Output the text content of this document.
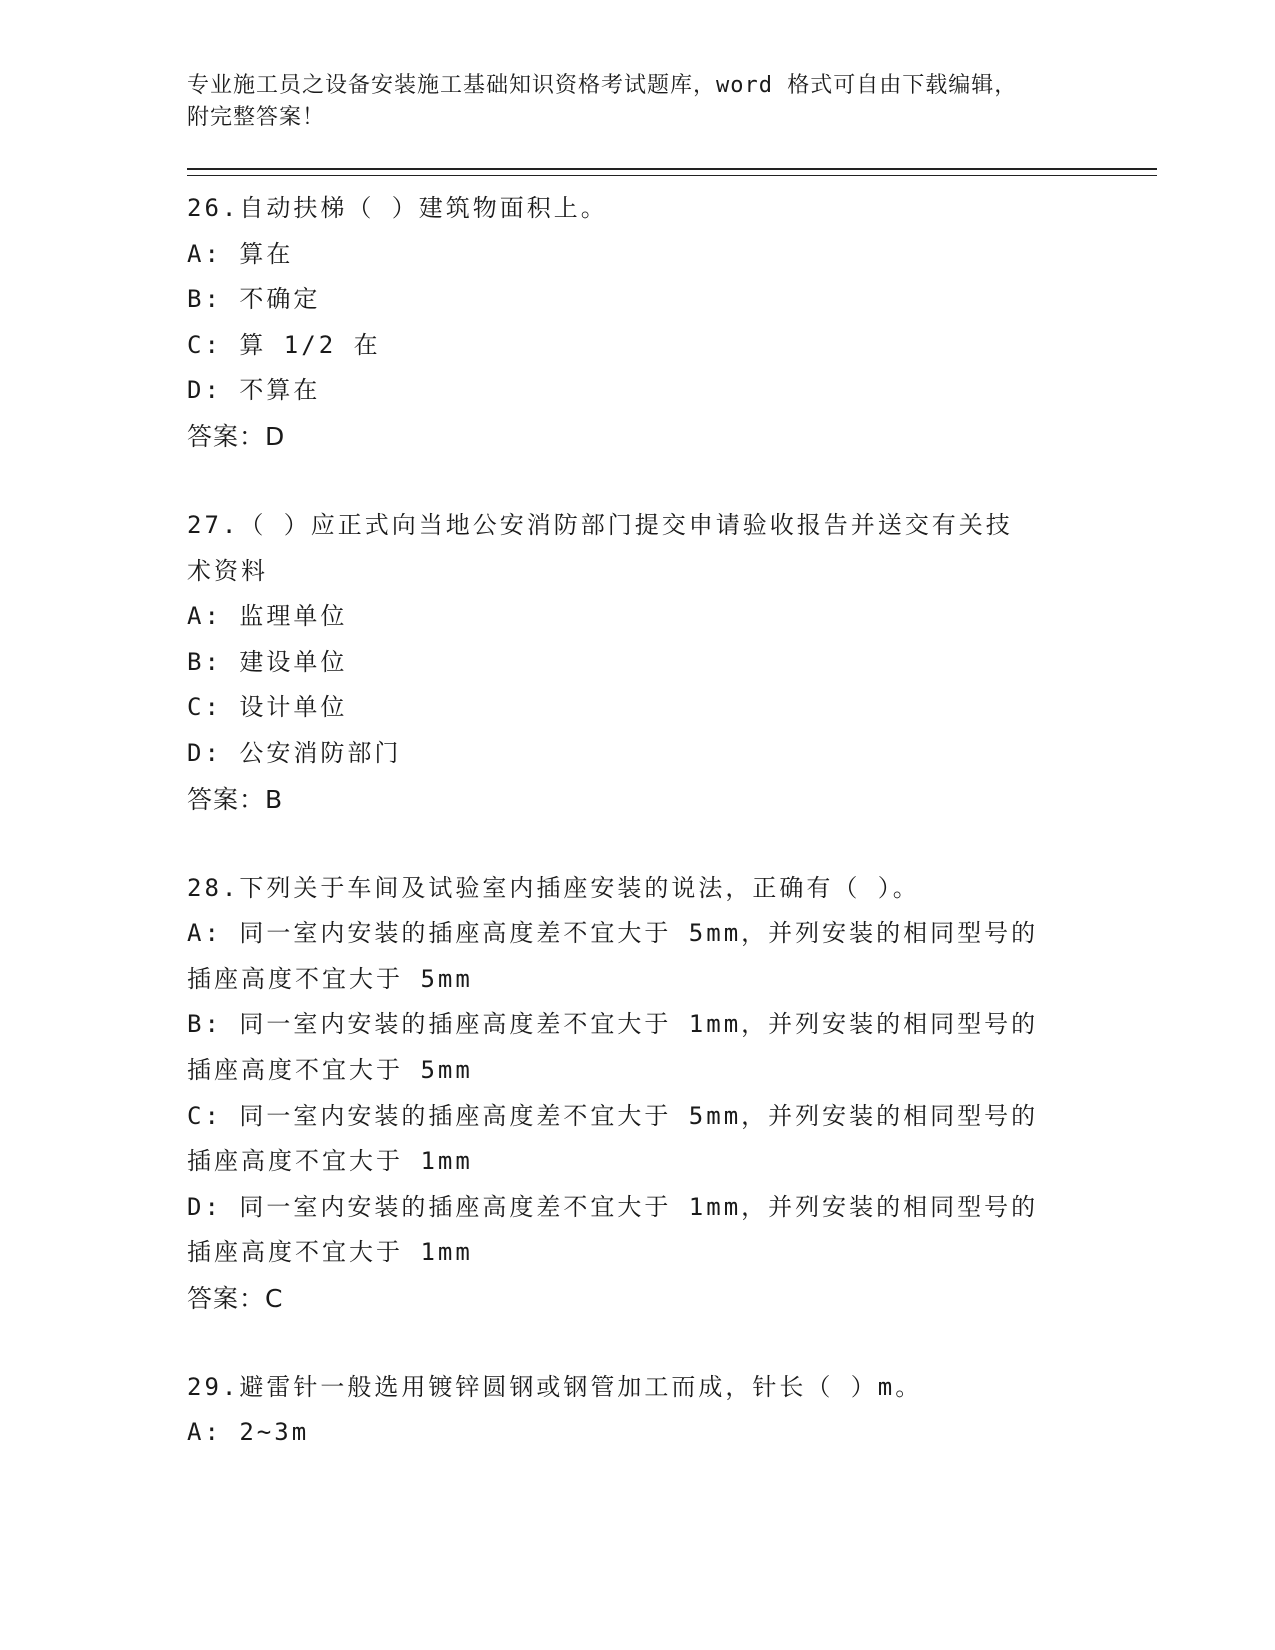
专业施工员之设备安装施工基础知识资格考试题库，word 格式可自由下载编辑，
附完整答案！
26.自动扶梯（ ）建筑物面积上。
A: 算在
B: 不确定
C: 算 1/2 在
D: 不算在
答案：D
27.（ ）应正式向当地公安消防部门提交申请验收报告并送交有关技
术资料
A: 监理单位
B: 建设单位
C: 设计单位
D: 公安消防部门
答案：B
28.下列关于车间及试验室内插座安装的说法，正确有（ ）。
A: 同一室内安装的插座高度差不宜大于 5mm，并列安装的相同型号的
插座高度不宜大于 5mm
B: 同一室内安装的插座高度差不宜大于 1mm，并列安装的相同型号的
插座高度不宜大于 5mm
C: 同一室内安装的插座高度差不宜大于 5mm，并列安装的相同型号的
插座高度不宜大于 1mm
D: 同一室内安装的插座高度差不宜大于 1mm，并列安装的相同型号的
插座高度不宜大于 1mm
答案：C
29.避雷针一般选用镀锌圆钢或钢管加工而成，针长（ ）m。
A: 2~3m
